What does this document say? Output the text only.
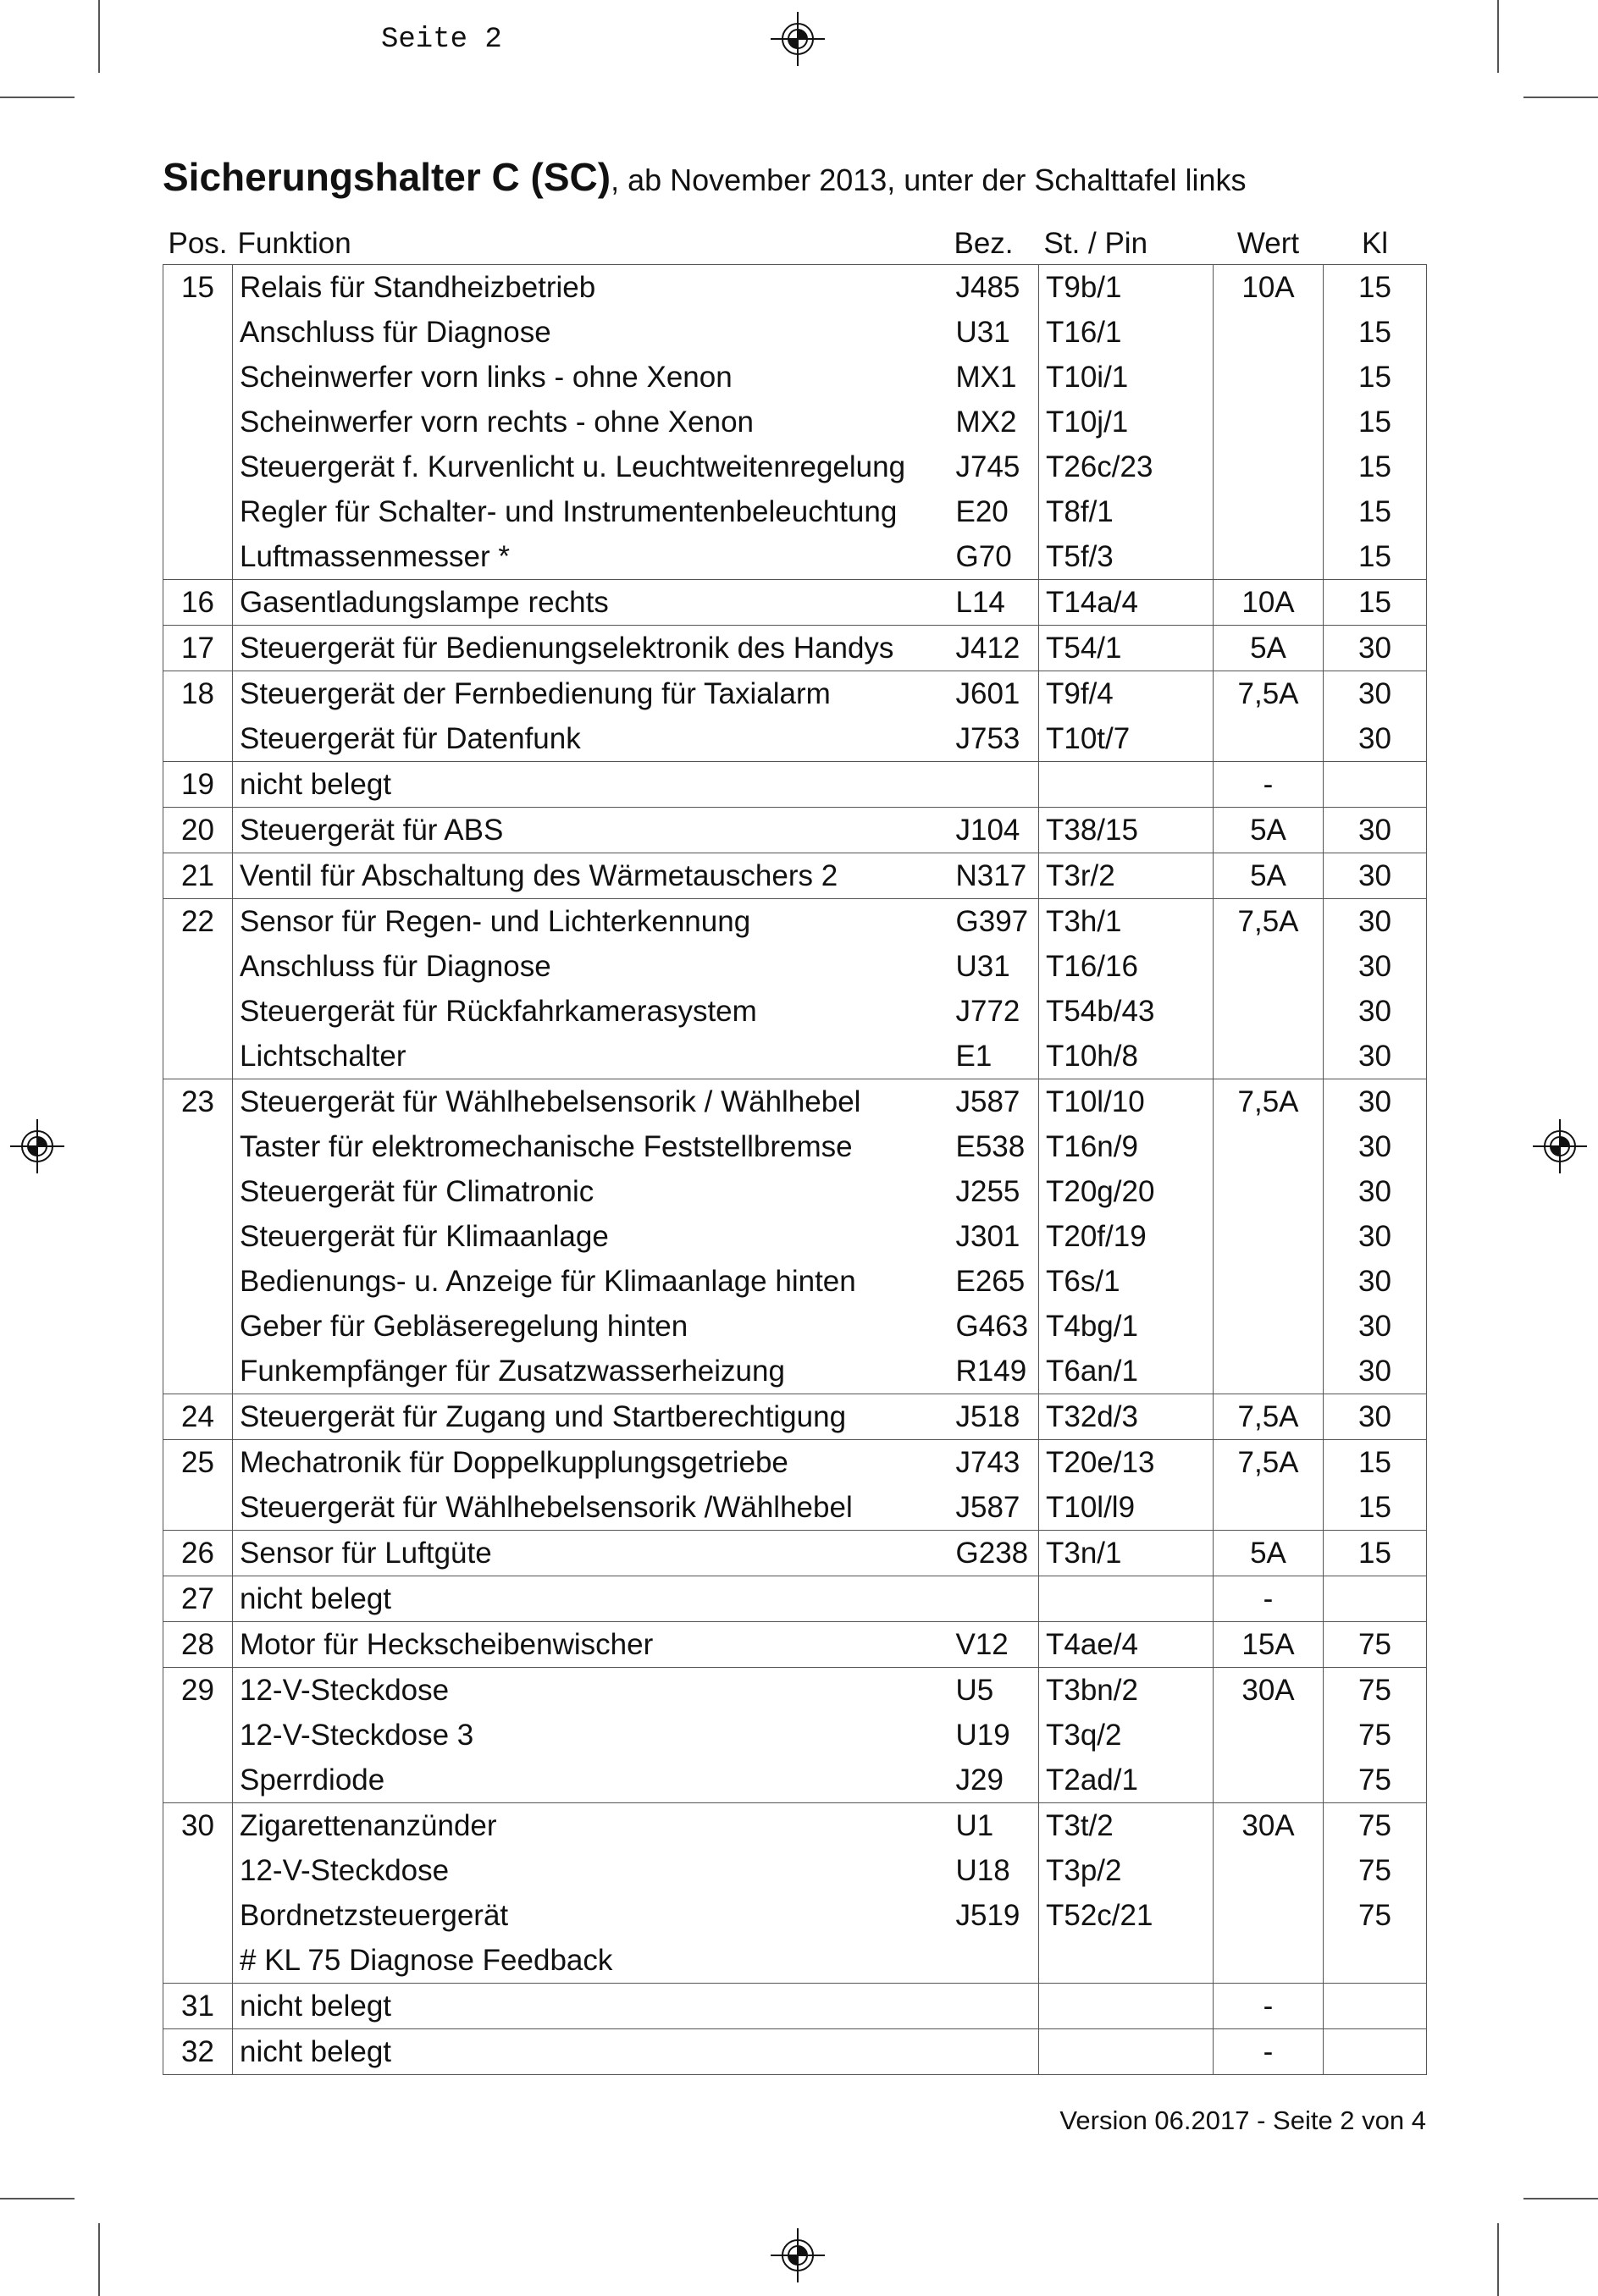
Seite 2
Sicherungshalter C (SC), ab November 2013, unter der Schalttafel links
Pos.	Funktion	Bez.	St. / Pin	Wert	Kl
15	Relais für Standheizbetrieb	J485	T9b/1	10A	15
	Anschluss für Diagnose	U31	T16/1		15
	Scheinwerfer vorn links - ohne Xenon	MX1	T10i/1		15
	Scheinwerfer vorn rechts - ohne Xenon	MX2	T10j/1		15
	Steuergerät f. Kurvenlicht u. Leuchtweitenregelung	J745	T26c/23		15
	Regler für Schalter- und Instrumentenbeleuchtung	E20	T8f/1		15
	Luftmassenmesser *	G70	T5f/3		15
16	Gasentladungslampe rechts	L14	T14a/4	10A	15
17	Steuergerät für Bedienungselektronik des Handys	J412	T54/1	5A	30
18	Steuergerät der Fernbedienung für Taxialarm	J601	T9f/4	7,5A	30
	Steuergerät für Datenfunk	J753	T10t/7		30
19	nicht belegt			-	
20	Steuergerät für ABS	J104	T38/15	5A	30
21	Ventil für Abschaltung des Wärmetauschers 2	N317	T3r/2	5A	30
22	Sensor für Regen- und Lichterkennung	G397	T3h/1	7,5A	30
	Anschluss für Diagnose	U31	T16/16		30
	Steuergerät für Rückfahrkamerasystem	J772	T54b/43		30
	Lichtschalter	E1	T10h/8		30
23	Steuergerät für Wählhebelsensorik / Wählhebel	J587	T10l/10	7,5A	30
	Taster für elektromechanische Feststellbremse	E538	T16n/9		30
	Steuergerät für Climatronic	J255	T20g/20		30
	Steuergerät für Klimaanlage	J301	T20f/19		30
	Bedienungs- u. Anzeige für Klimaanlage hinten	E265	T6s/1		30
	Geber für Gebläseregelung hinten	G463	T4bg/1		30
	Funkempfänger für Zusatzwasserheizung	R149	T6an/1		30
24	Steuergerät für Zugang und Startberechtigung	J518	T32d/3	7,5A	30
25	Mechatronik für Doppelkupplungsgetriebe	J743	T20e/13	7,5A	15
	Steuergerät für Wählhebelsensorik /Wählhebel	J587	T10l/l9		15
26	Sensor für Luftgüte	G238	T3n/1	5A	15
27	nicht belegt			-	
28	Motor für Heckscheibenwischer	V12	T4ae/4	15A	75
29	12-V-Steckdose	U5	T3bn/2	30A	75
	12-V-Steckdose 3	U19	T3q/2		75
	Sperrdiode	J29	T2ad/1		75
30	Zigarettenanzünder	U1	T3t/2	30A	75
	12-V-Steckdose	U18	T3p/2		75
	Bordnetzsteuergerät	J519	T52c/21		75
	# KL 75 Diagnose Feedback				
31	nicht belegt			-	
32	nicht belegt			-	
Version 06.2017 - Seite 2 von 4
